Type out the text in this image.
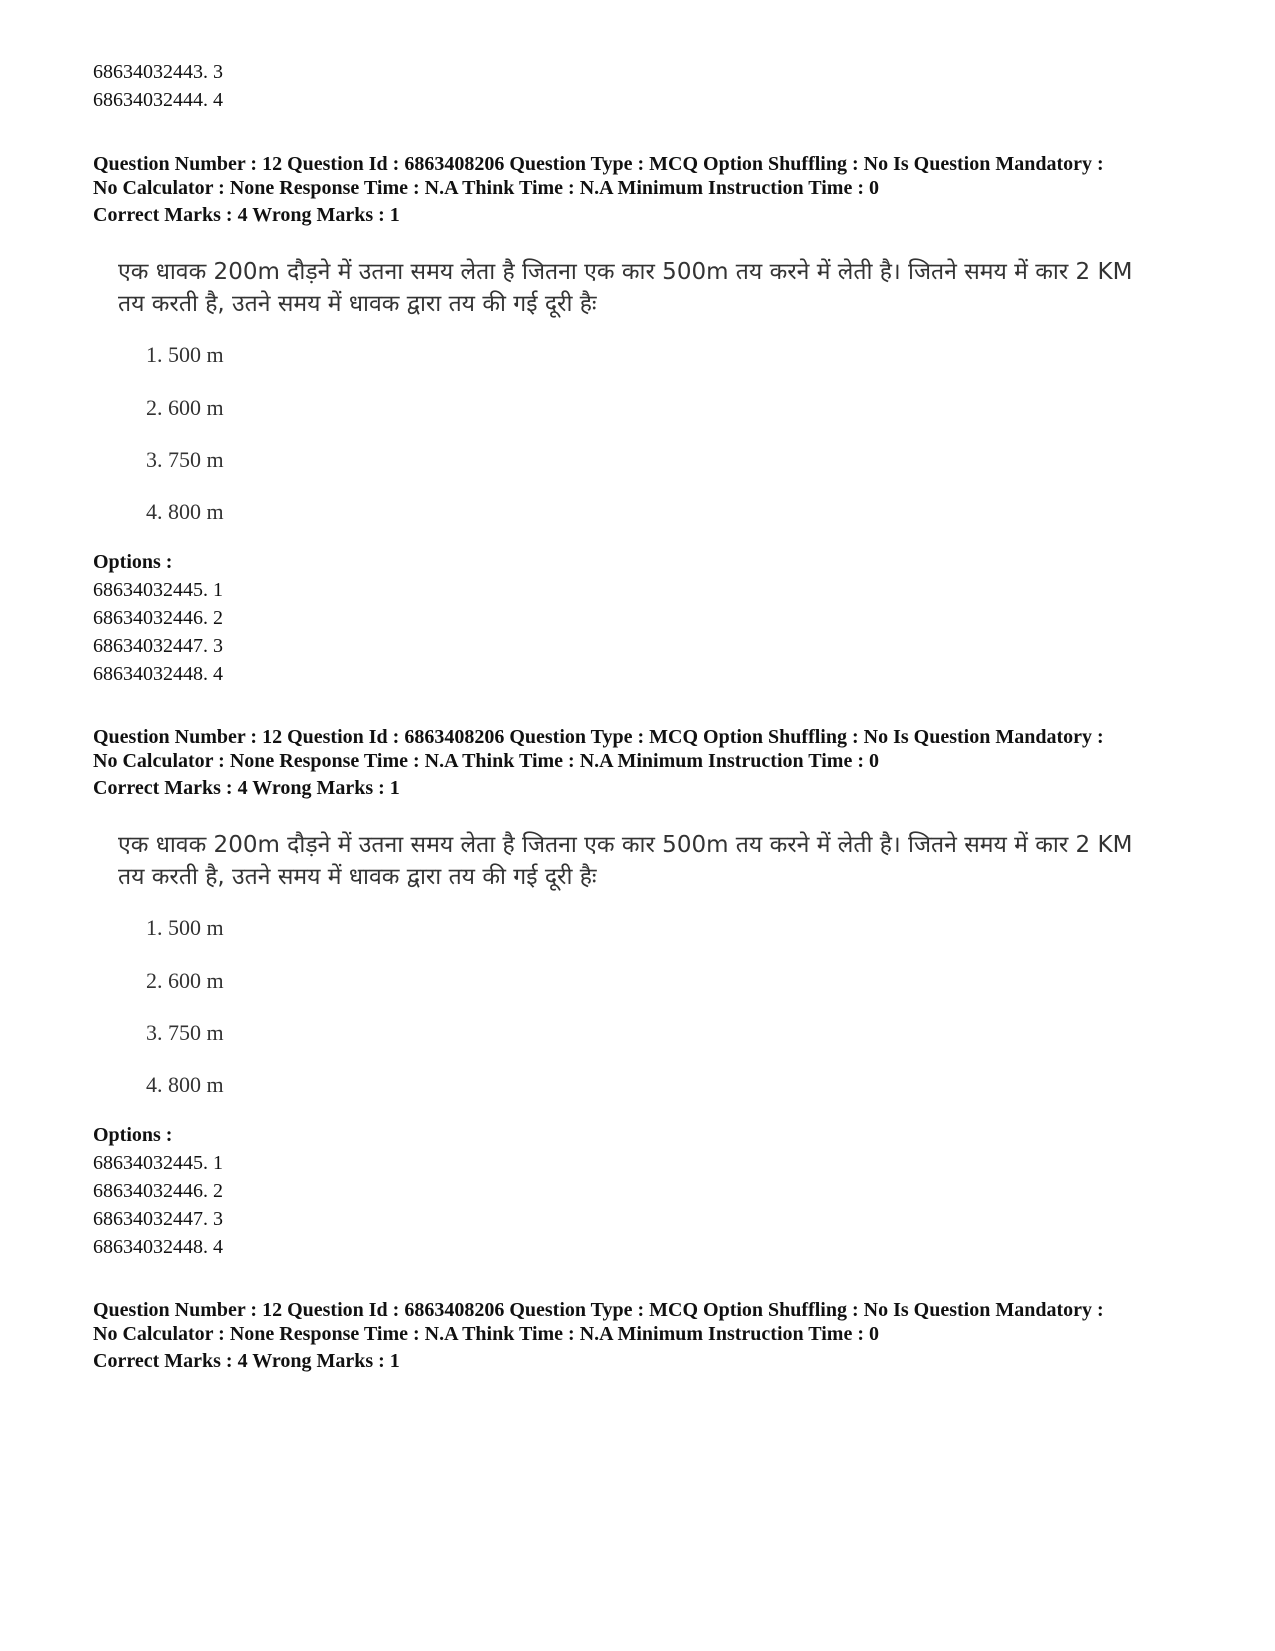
68634032443. 3
68634032444. 4
Question Number : 12 Question Id : 6863408206 Question Type : MCQ Option Shuffling : No Is Question Mandatory :
No Calculator : None Response Time : N.A Think Time : N.A Minimum Instruction Time : 0
Correct Marks : 4 Wrong Marks : 1
एक धावक 200m दौड़ने में उतना समय लेता है जितना एक कार 500m तय करने में लेती है। जितने समय में कार 2 KM
तय करती है, उतने समय में धावक द्वारा तय की गई दूरी हैः
1. 500 m
2. 600 m
3. 750 m
4. 800 m
Options :
68634032445. 1
68634032446. 2
68634032447. 3
68634032448. 4
Question Number : 12 Question Id : 6863408206 Question Type : MCQ Option Shuffling : No Is Question Mandatory :
No Calculator : None Response Time : N.A Think Time : N.A Minimum Instruction Time : 0
Correct Marks : 4 Wrong Marks : 1
एक धावक 200m दौड़ने में उतना समय लेता है जितना एक कार 500m तय करने में लेती है। जितने समय में कार 2 KM
तय करती है, उतने समय में धावक द्वारा तय की गई दूरी हैः
1. 500 m
2. 600 m
3. 750 m
4. 800 m
Options :
68634032445. 1
68634032446. 2
68634032447. 3
68634032448. 4
Question Number : 12 Question Id : 6863408206 Question Type : MCQ Option Shuffling : No Is Question Mandatory :
No Calculator : None Response Time : N.A Think Time : N.A Minimum Instruction Time : 0
Correct Marks : 4 Wrong Marks : 1
